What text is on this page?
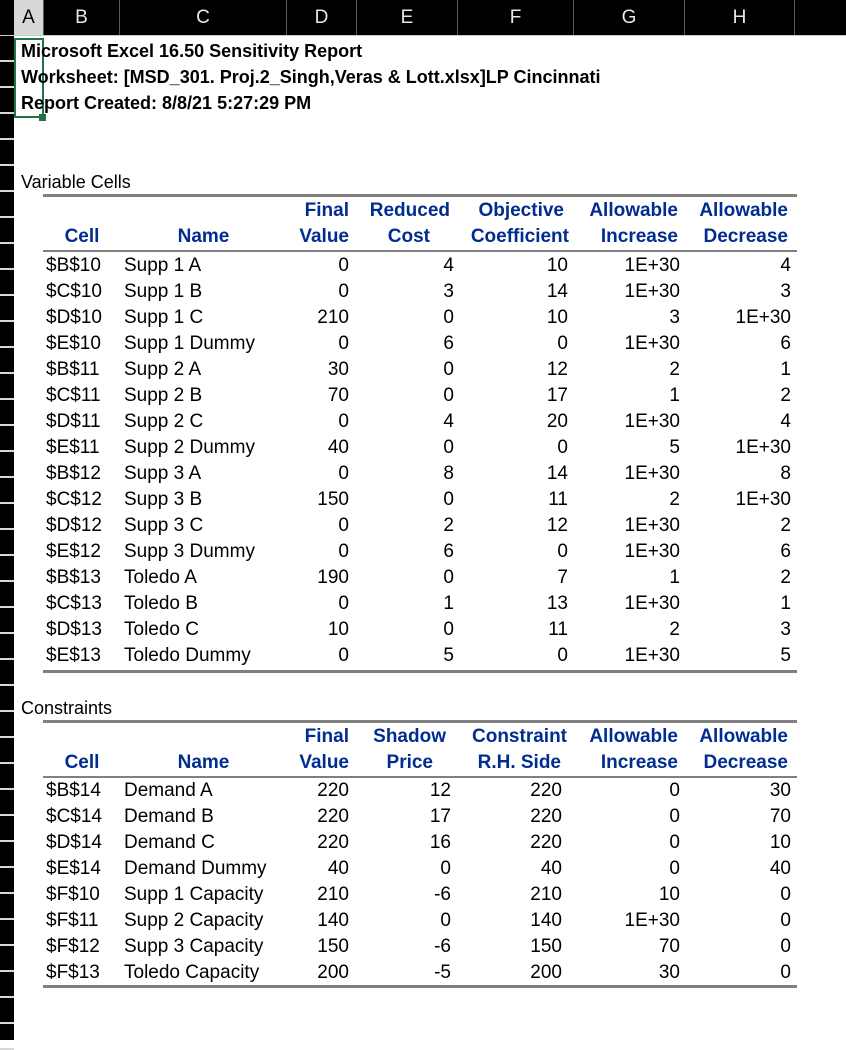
A	B	C	D	E	F	G	H
Microsoft Excel 16.50 Sensitivity Report
Worksheet: [MSD_301. Proj.2_Singh,Veras & Lott.xlsx]LP Cincinnati
Report Created: 8/8/21 5:27:29 PM
Variable Cells
Final	Reduced	Objective	Allowable	Allowable
Cell	Name	Value	Cost	Coefficient	Increase	Decrease
$B$10	Supp 1 A	0	4	10	1E+30	4
$C$10	Supp 1 B	0	3	14	1E+30	3
$D$10	Supp 1 C	210	0	10	3	1E+30
$E$10	Supp 1 Dummy	0	6	0	1E+30	6
$B$11	Supp 2 A	30	0	12	2	1
$C$11	Supp 2 B	70	0	17	1	2
$D$11	Supp 2 C	0	4	20	1E+30	4
$E$11	Supp 2 Dummy	40	0	0	5	1E+30
$B$12	Supp 3 A	0	8	14	1E+30	8
$C$12	Supp 3 B	150	0	11	2	1E+30
$D$12	Supp 3 C	0	2	12	1E+30	2
$E$12	Supp 3 Dummy	0	6	0	1E+30	6
$B$13	Toledo A	190	0	7	1	2
$C$13	Toledo B	0	1	13	1E+30	1
$D$13	Toledo C	10	0	11	2	3
$E$13	Toledo Dummy	0	5	0	1E+30	5
Constraints
Final	Shadow	Constraint	Allowable	Allowable
Cell	Name	Value	Price	R.H. Side	Increase	Decrease
$B$14	Demand A	220	12	220	0	30
$C$14	Demand B	220	17	220	0	70
$D$14	Demand C	220	16	220	0	10
$E$14	Demand Dummy	40	0	40	0	40
$F$10	Supp 1 Capacity	210	-6	210	10	0
$F$11	Supp 2 Capacity	140	0	140	1E+30	0
$F$12	Supp 3 Capacity	150	-6	150	70	0
$F$13	Toledo Capacity	200	-5	200	30	0
